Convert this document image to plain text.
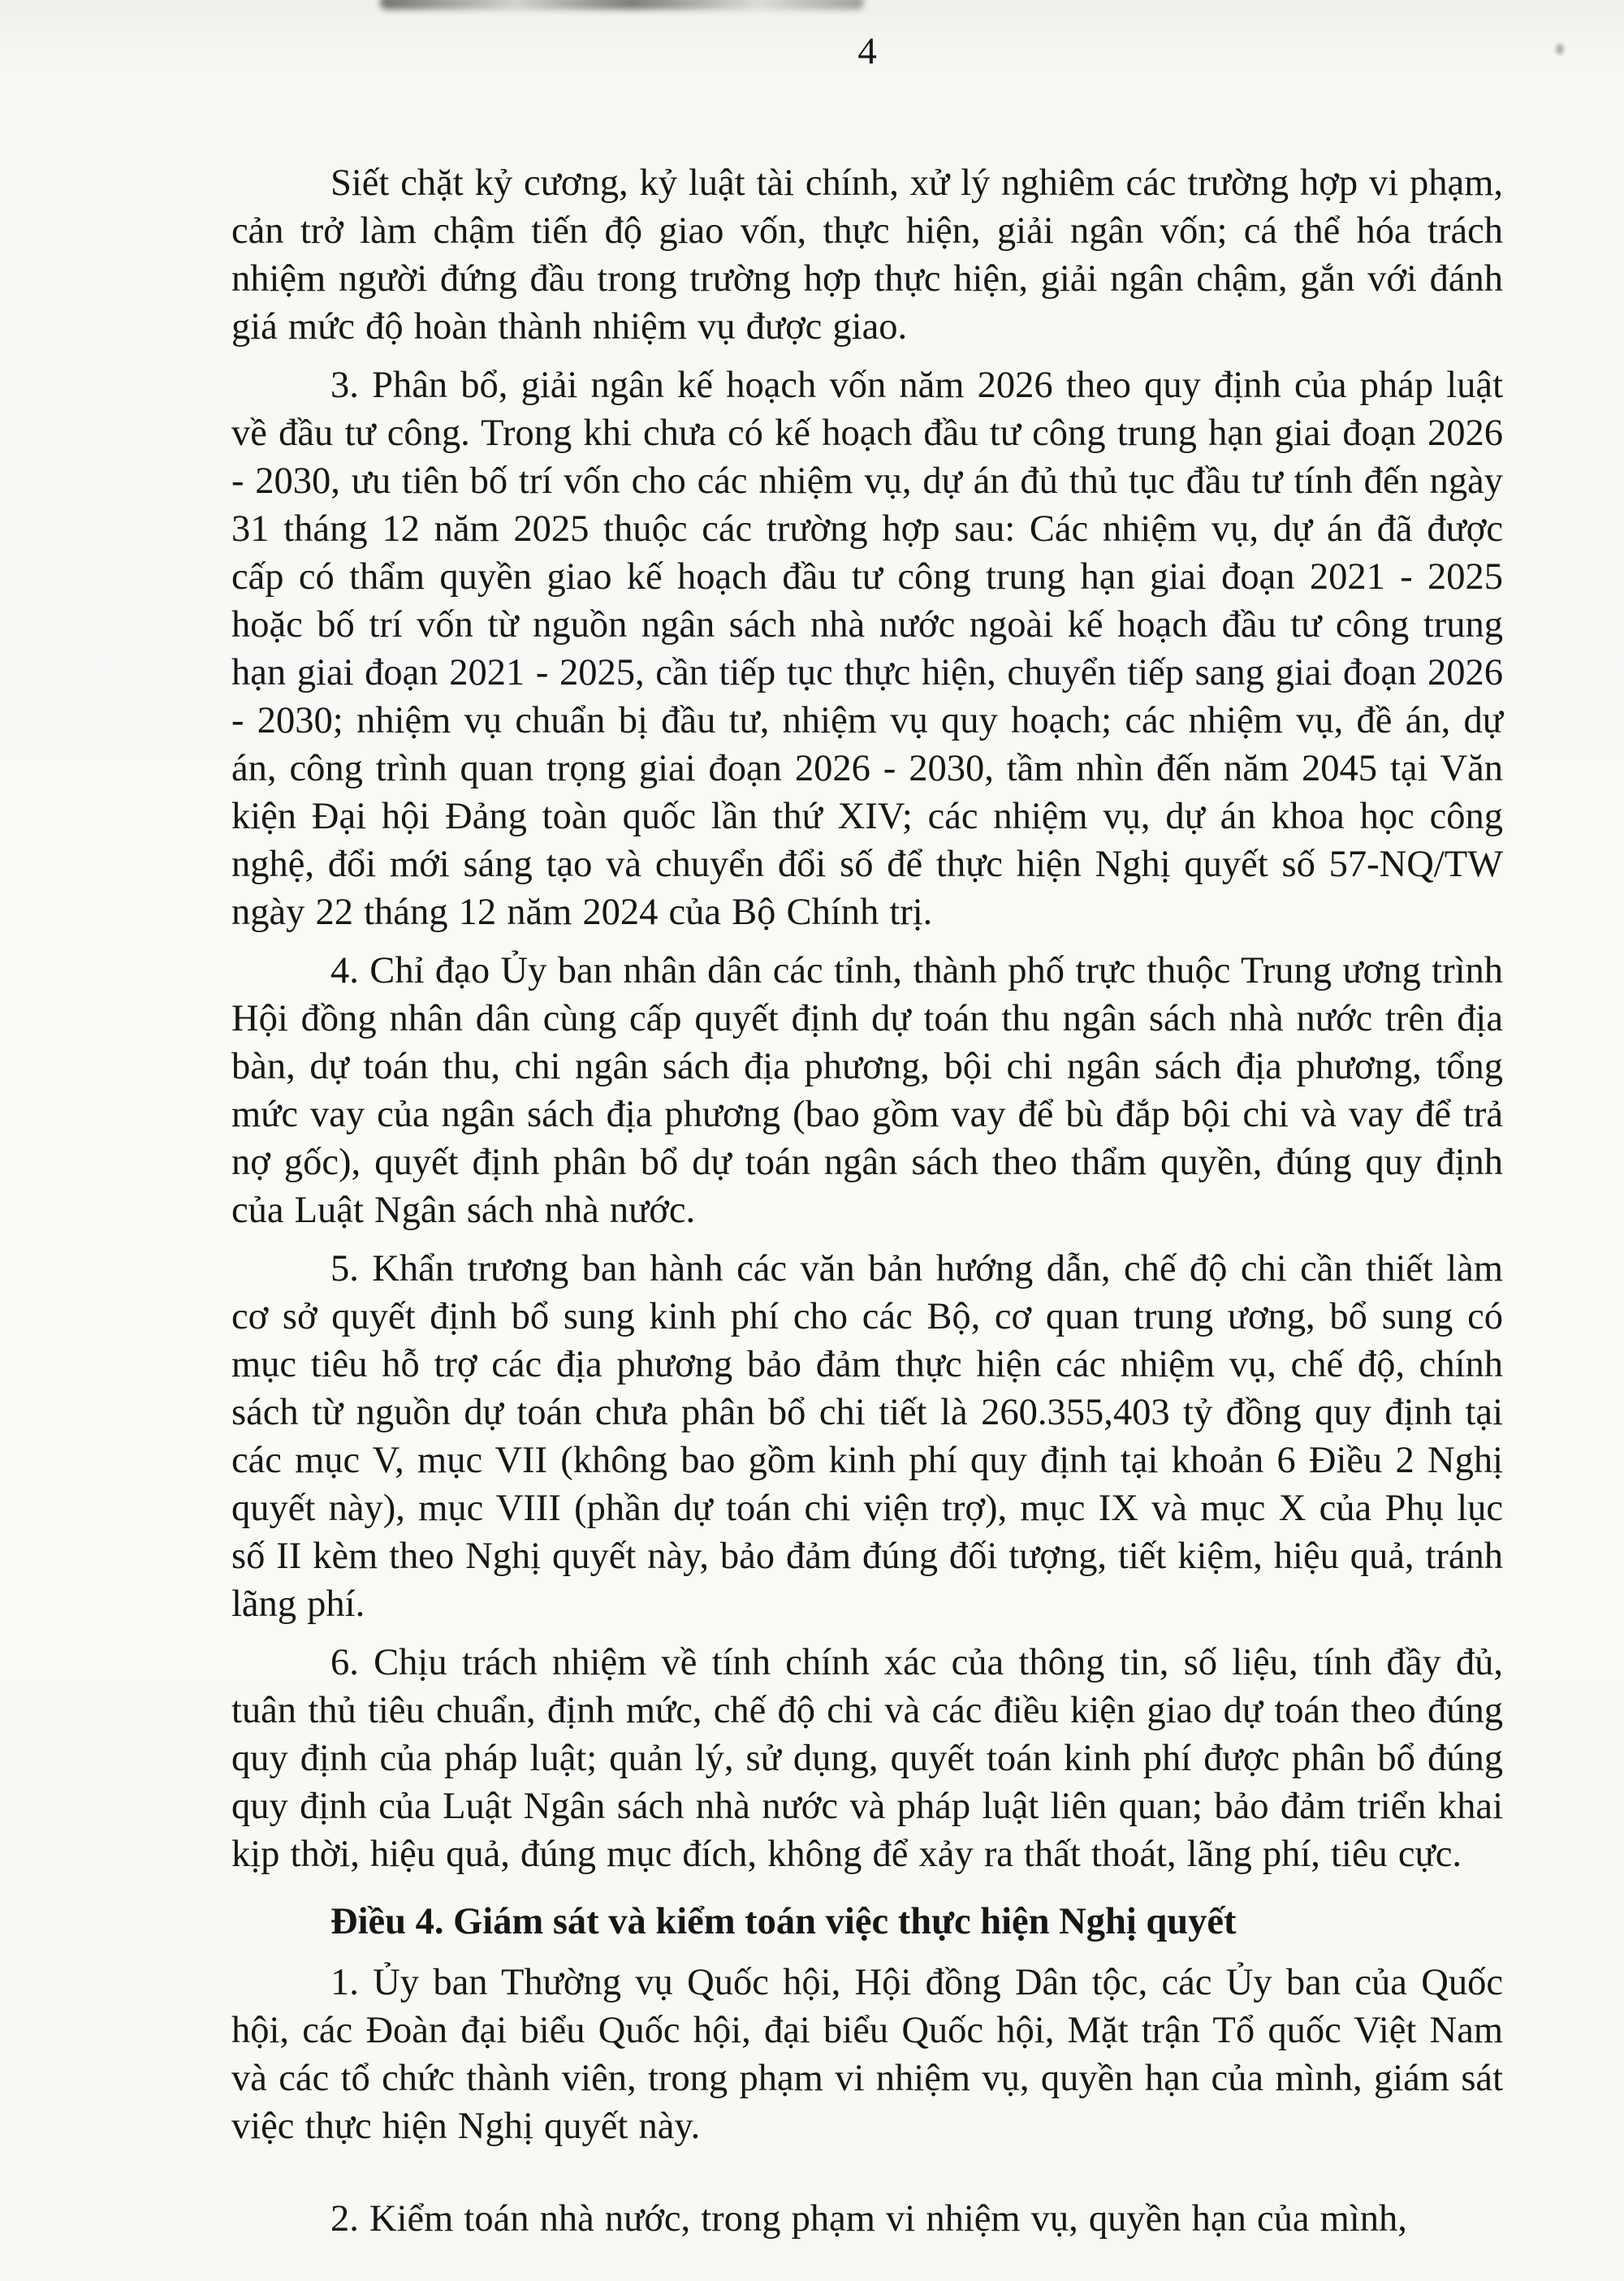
4

Siết chặt kỷ cương, kỷ luật tài chính, xử lý nghiêm các trường hợp vi phạm, cản trở làm chậm tiến độ giao vốn, thực hiện, giải ngân vốn; cá thể hóa trách nhiệm người đứng đầu trong trường hợp thực hiện, giải ngân chậm, gắn với đánh giá mức độ hoàn thành nhiệm vụ được giao.

3. Phân bổ, giải ngân kế hoạch vốn năm 2026 theo quy định của pháp luật về đầu tư công. Trong khi chưa có kế hoạch đầu tư công trung hạn giai đoạn 2026 - 2030, ưu tiên bố trí vốn cho các nhiệm vụ, dự án đủ thủ tục đầu tư tính đến ngày 31 tháng 12 năm 2025 thuộc các trường hợp sau: Các nhiệm vụ, dự án đã được cấp có thẩm quyền giao kế hoạch đầu tư công trung hạn giai đoạn 2021 - 2025 hoặc bố trí vốn từ nguồn ngân sách nhà nước ngoài kế hoạch đầu tư công trung hạn giai đoạn 2021 - 2025, cần tiếp tục thực hiện, chuyển tiếp sang giai đoạn 2026 - 2030; nhiệm vụ chuẩn bị đầu tư, nhiệm vụ quy hoạch; các nhiệm vụ, đề án, dự án, công trình quan trọng giai đoạn 2026 - 2030, tầm nhìn đến năm 2045 tại Văn kiện Đại hội Đảng toàn quốc lần thứ XIV; các nhiệm vụ, dự án khoa học công nghệ, đổi mới sáng tạo và chuyển đổi số để thực hiện Nghị quyết số 57-NQ/TW ngày 22 tháng 12 năm 2024 của Bộ Chính trị.

4. Chỉ đạo Ủy ban nhân dân các tỉnh, thành phố trực thuộc Trung ương trình Hội đồng nhân dân cùng cấp quyết định dự toán thu ngân sách nhà nước trên địa bàn, dự toán thu, chi ngân sách địa phương, bội chi ngân sách địa phương, tổng mức vay của ngân sách địa phương (bao gồm vay để bù đắp bội chi và vay để trả nợ gốc), quyết định phân bổ dự toán ngân sách theo thẩm quyền, đúng quy định của Luật Ngân sách nhà nước.

5. Khẩn trương ban hành các văn bản hướng dẫn, chế độ chi cần thiết làm cơ sở quyết định bổ sung kinh phí cho các Bộ, cơ quan trung ương, bổ sung có mục tiêu hỗ trợ các địa phương bảo đảm thực hiện các nhiệm vụ, chế độ, chính sách từ nguồn dự toán chưa phân bổ chi tiết là 260.355,403 tỷ đồng quy định tại các mục V, mục VII (không bao gồm kinh phí quy định tại khoản 6 Điều 2 Nghị quyết này), mục VIII (phần dự toán chi viện trợ), mục IX và mục X của Phụ lục số II kèm theo Nghị quyết này, bảo đảm đúng đối tượng, tiết kiệm, hiệu quả, tránh lãng phí.

6. Chịu trách nhiệm về tính chính xác của thông tin, số liệu, tính đầy đủ, tuân thủ tiêu chuẩn, định mức, chế độ chi và các điều kiện giao dự toán theo đúng quy định của pháp luật; quản lý, sử dụng, quyết toán kinh phí được phân bổ đúng quy định của Luật Ngân sách nhà nước và pháp luật liên quan; bảo đảm triển khai kịp thời, hiệu quả, đúng mục đích, không để xảy ra thất thoát, lãng phí, tiêu cực.

Điều 4. Giám sát và kiểm toán việc thực hiện Nghị quyết

1. Ủy ban Thường vụ Quốc hội, Hội đồng Dân tộc, các Ủy ban của Quốc hội, các Đoàn đại biểu Quốc hội, đại biểu Quốc hội, Mặt trận Tổ quốc Việt Nam và các tổ chức thành viên, trong phạm vi nhiệm vụ, quyền hạn của mình, giám sát việc thực hiện Nghị quyết này.

2. Kiểm toán nhà nước, trong phạm vi nhiệm vụ, quyền hạn của mình,
